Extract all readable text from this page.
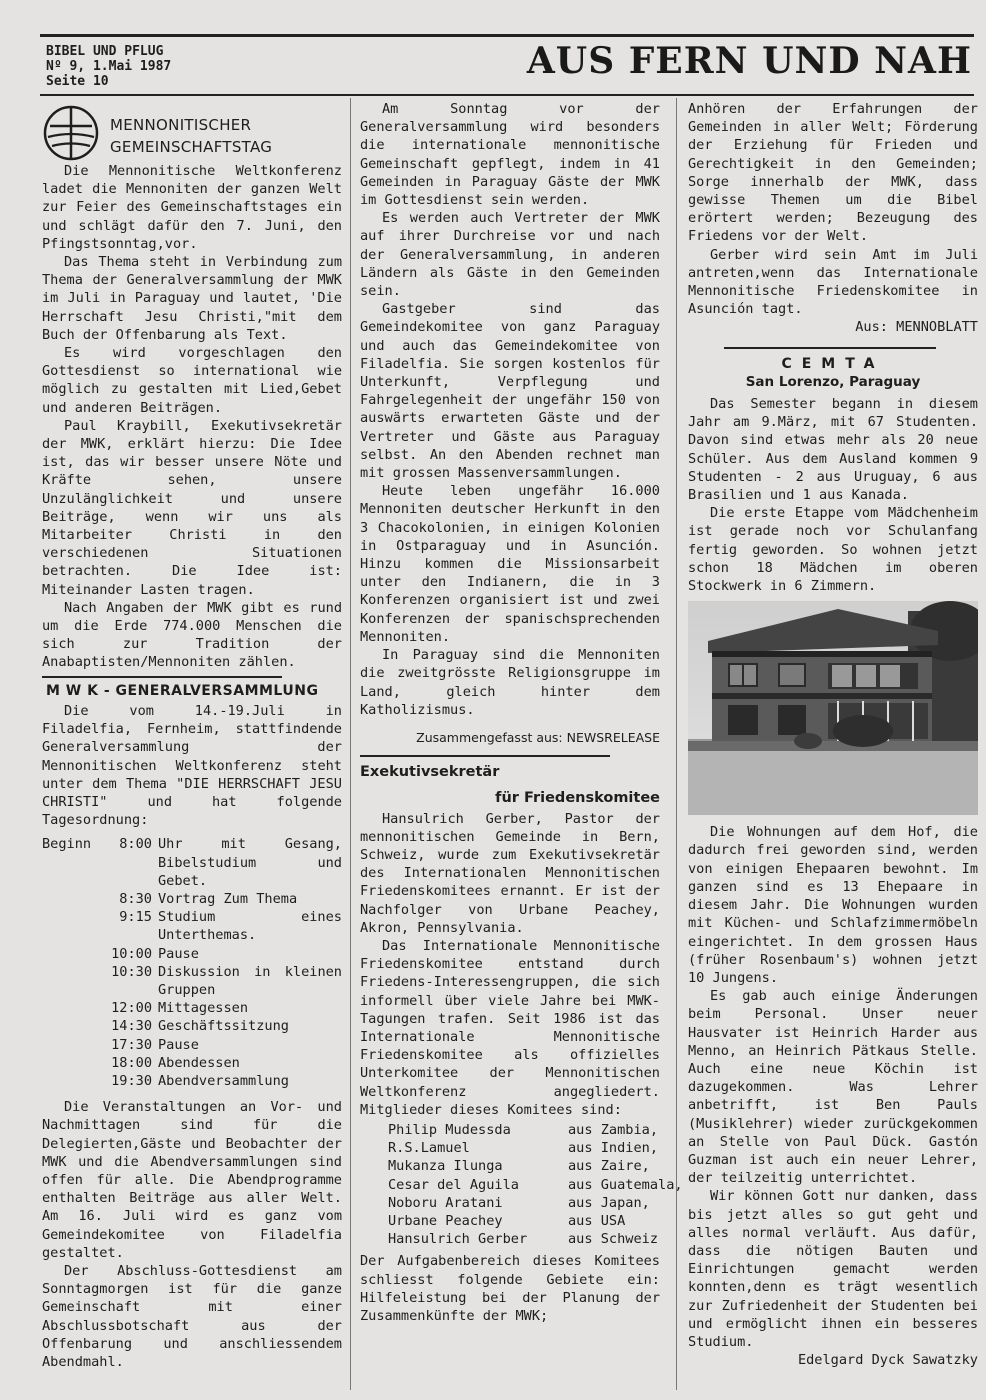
BIBEL UND PFLUG
Nº 9, 1.Mai 1987
Seite 10	AUS FERN UND NAH
MENNONITISCHER
GEMEINSCHAFTSTAG

Die Mennonitische Weltkonferenz ladet die Mennoniten der ganzen Welt zur Feier des Gemeinschaftstages ein und schlägt dafür den 7. Juni, den Pfingstsonntag,vor.

Das Thema steht in Verbindung zum Thema der Generalversammlung der MWK im Juli in Paraguay und lautet, 'Die Herrschaft Jesu Christi,"mit dem Buch der Offenbarung als Text.

Es wird vorgeschlagen den Gottesdienst so international wie möglich zu gestalten mit Lied,Gebet und anderen Beiträgen.

Paul Kraybill, Exekutivsekretär der MWK, erklärt hierzu: Die Idee ist, das wir besser unsere Nöte und Kräfte sehen, unsere Unzulänglichkeit und unsere Beiträge, wenn wir uns als Mitarbeiter Christi in den verschiedenen Situationen betrachten. Die Idee ist: Miteinander Lasten tragen.

Nach Angaben der MWK gibt es rund um die Erde 774.000 Menschen die sich zur Tradition der Anabaptisten/Mennoniten zählen.

M W K - GENERALVERSAMMLUNG

Die vom 14.-19.Juli in Filadelfia, Fernheim, stattfindende Generalversammlung der Mennonitischen Weltkonferenz steht unter dem Thema "DIE HERRSCHAFT JESU CHRISTI" und hat folgende Tagesordnung:

Beginn	8:00	Uhr mit Gesang, Bibelstudium und Gebet.
	8:30	Vortrag Zum Thema
	9:15	Studium eines Unterthemas.
	10:00	Pause
	10:30	Diskussion in kleinen Gruppen
	12:00	Mittagessen
	14:30	Geschäftssitzung
	17:30	Pause
	18:00	Abendessen
	19:30	Abendversammlung

Die Veranstaltungen an Vor- und Nachmittagen sind für die Delegierten,Gäste und Beobachter der MWK und die Abendversammlungen sind offen für alle. Die Abendprogramme enthalten Beiträge aus aller Welt. Am 16. Juli wird es ganz vom Gemeindekomitee von Filadelfia gestaltet.

Der Abschluss-Gottesdienst am Sonntagmorgen ist für die ganze Gemeinschaft mit einer Abschlussbotschaft aus der Offenbarung und anschliessendem Abendmahl.

Am Sonntag vor der Generalversammlung wird besonders die internationale mennonitische Gemeinschaft gepflegt, indem in 41 Gemeinden in Paraguay Gäste der MWK im Gottesdienst sein werden.

Es werden auch Vertreter der MWK auf ihrer Durchreise vor und nach der Generalversammlung, in anderen Ländern als Gäste in den Gemeinden sein.

Gastgeber sind das Gemeindekomitee von ganz Paraguay und auch das Gemeindekomitee von Filadelfia. Sie sorgen kostenlos für Unterkunft, Verpflegung und Fahrgelegenheit der ungefähr 150 von auswärts erwarteten Gäste und der Vertreter und Gäste aus Paraguay selbst. An den Abenden rechnet man mit grossen Massenversammlungen.

Heute leben ungefähr 16.000 Mennoniten deutscher Herkunft in den 3 Chacokolonien, in einigen Kolonien in Ostparaguay und in Asunción. Hinzu kommen die Missionsarbeit unter den Indianern, die in 3 Konferenzen organisiert ist und zwei Konferenzen der spanischsprechenden Mennoniten.

In Paraguay sind die Mennoniten die zweitgrösste Religionsgruppe im Land, gleich hinter dem Katholizismus.

Zusammengefasst aus: NEWSRELEASE
Exekutivsekretär
für Friedenskomitee

Hansulrich Gerber, Pastor der mennonitischen Gemeinde in Bern, Schweiz, wurde zum Exekutivsekretär des Internationalen Mennonitischen Friedenskomitees ernannt. Er ist der Nachfolger von Urbane Peachey, Akron, Pennsylvania.

Das Internationale Mennonitische Friedenskomitee entstand durch Friedens-Interessengruppen, die sich informell über viele Jahre bei MWK-Tagungen trafen. Seit 1986 ist das Internationale Mennonitische Friedenskomitee als offizielles Unterkomitee der Mennonitischen Weltkonferenz angegliedert. Mitglieder dieses Komitees sind:

Philip Mudessda	aus Zambia,
R.S.Lamuel	aus Indien,
Mukanza Ilunga	aus Zaire,
Cesar del Aguila	aus Guatemala,
Noboru Aratani	aus Japan,
Urbane Peachey	aus USA
Hansulrich Gerber	aus Schweiz

Der Aufgabenbereich dieses Komitees schliesst folgende Gebiete ein: Hilfeleistung bei der Planung der Zusammenkünfte der MWK;

Anhören der Erfahrungen der Gemeinden in aller Welt; Förderung der Erziehung für Frieden und Gerechtigkeit in den Gemeinden; Sorge innerhalb der MWK, dass gewisse Themen um die Bibel erörtert werden; Bezeugung des Friedens vor der Welt.

Gerber wird sein Amt im Juli antreten,wenn das Internationale Mennonitische Friedenskomitee in Asunción tagt.

Aus: MENNOBLATT
CEMTA
San Lorenzo, Paraguay

Das Semester begann in diesem Jahr am 9.März, mit 67 Studenten. Davon sind etwas mehr als 20 neue Schüler. Aus dem Ausland kommen 9 Studenten - 2 aus Uruguay, 6 aus Brasilien und 1 aus Kanada.

Die erste Etappe vom Mädchenheim ist gerade noch vor Schulanfang fertig geworden. So wohnen jetzt schon 18 Mädchen im oberen Stockwerk in 6 Zimmern.

Die Wohnungen auf dem Hof, die dadurch frei geworden sind, werden von einigen Ehepaaren bewohnt. Im ganzen sind es 13 Ehepaare in diesem Jahr. Die Wohnungen wurden mit Küchen- und Schlafzimmermöbeln eingerichtet. In dem grossen Haus (früher Rosenbaum's) wohnen jetzt 10 Jungens.

Es gab auch einige Änderungen beim Personal. Unser neuer Hausvater ist Heinrich Harder aus Menno, an Heinrich Pätkaus Stelle. Auch eine neue Köchin ist dazugekommen. Was Lehrer anbetrifft, ist Ben Pauls (Musiklehrer) wieder zurückgekommen an Stelle von Paul Dück. Gastón Guzman ist auch ein neuer Lehrer, der teilzeitig unterrichtet.

Wir können Gott nur danken, dass bis jetzt alles so gut geht und alles normal verläuft. Aus dafür, dass die nötigen Bauten und Einrichtungen gemacht werden konnten,denn es trägt wesentlich zur Zufriedenheit der Studenten bei und ermöglicht ihnen ein besseres Studium.

Edelgard Dyck Sawatzky
